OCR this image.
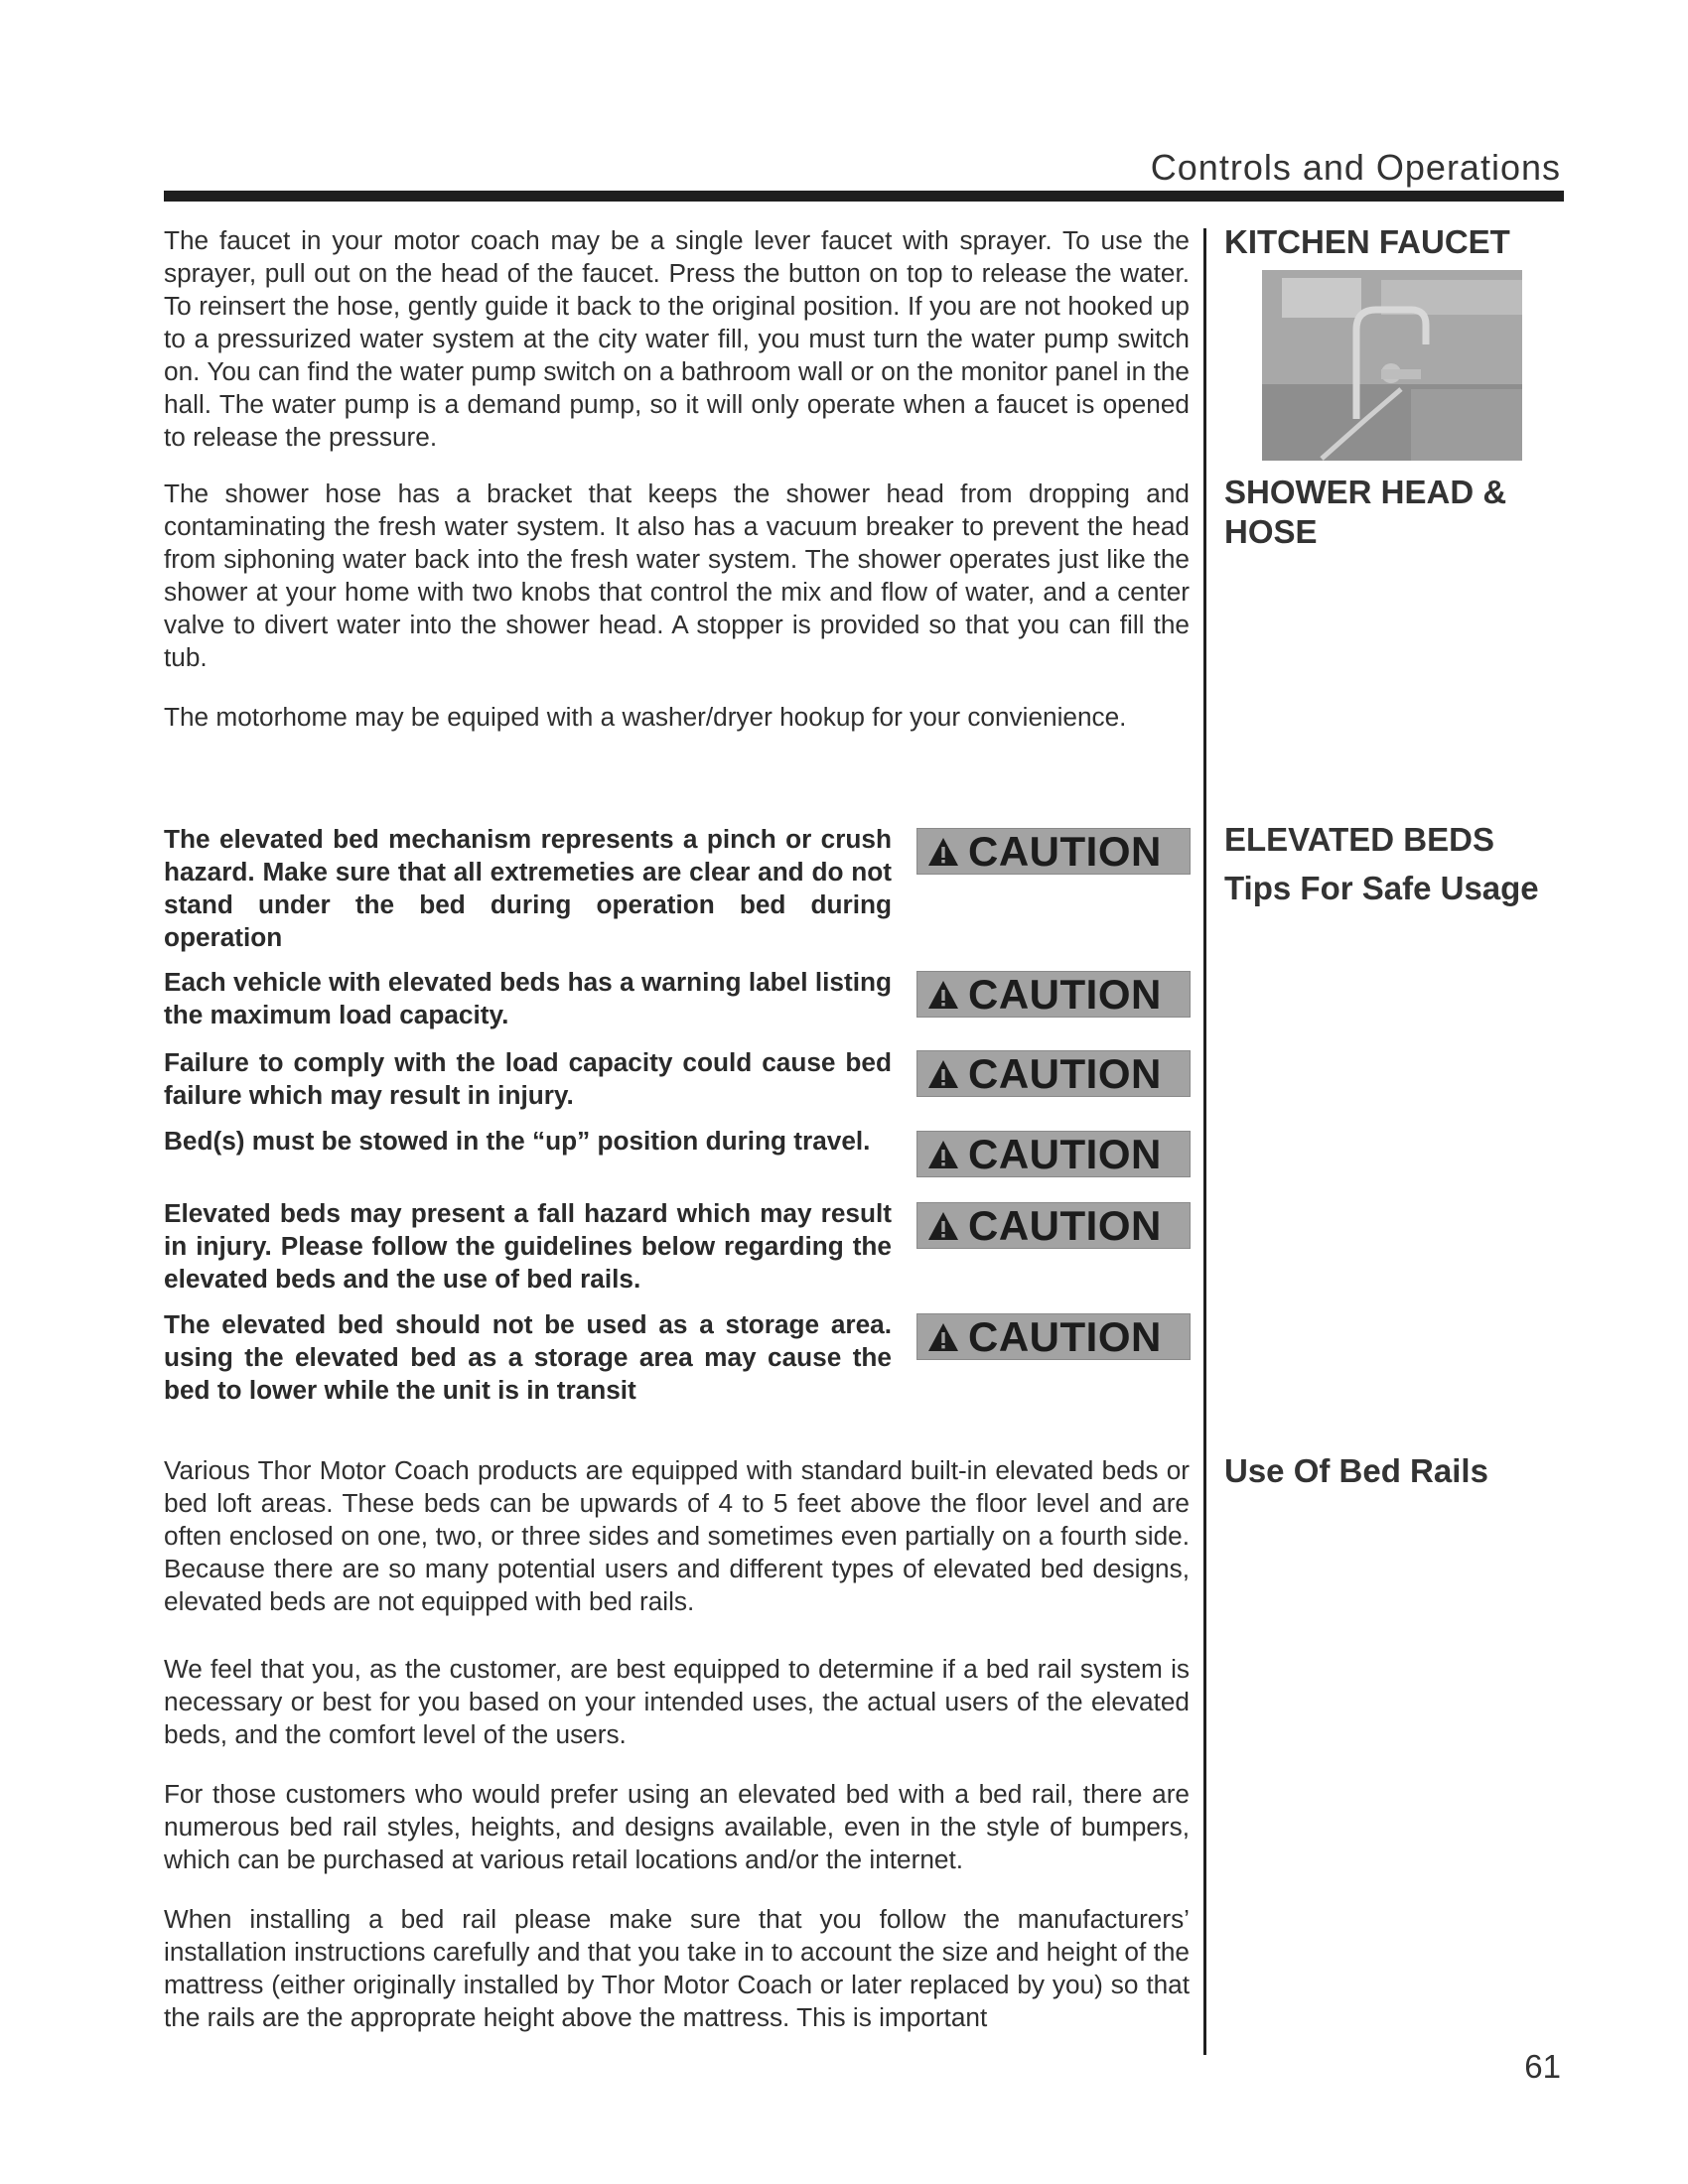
Controls and Operations

The faucet in your motor coach may be a single lever faucet with sprayer. To use the sprayer, pull out on the head of the faucet. Press the button on top to release the water. To reinsert the hose, gently guide it back to the original position. If you are not hooked up to a pressurized water system at the city water fill, you must turn the water pump switch on. You can find the water pump switch on a bathroom wall or on the monitor panel in the hall. The water pump is a demand pump, so it will only operate when a faucet is opened to release the pressure.

KITCHEN FAUCET

The shower hose has a bracket that keeps the shower head from dropping and contaminating the fresh water system. It also has a vacuum breaker to prevent the head from siphoning water back into the fresh water system. The shower operates just like the shower at your home with two knobs that control the mix and flow of water, and a center valve to divert water into the shower head. A stopper is provided so that you can fill the tub.

SHOWER HEAD & HOSE

The motorhome may be equiped with a washer/dryer hookup for your convienience.

ELEVATED BEDS
Tips For Safe Usage

The elevated bed mechanism represents a pinch or crush hazard. Make sure that all extremeties are clear and do not stand under the bed during operation bed during operation

CAUTION

Each vehicle with elevated beds has a warning label listing the maximum load capacity.	CAUTION

Failure to comply with the load capacity could cause bed failure which may result in injury.	CAUTION

Bed(s) must be stowed in the “up” position during travel.	CAUTION

Elevated beds may present a fall hazard which may result in injury. Please follow the guidelines below regarding the elevated beds and the use of bed rails.

CAUTION

The elevated bed should not be used as a storage area. using the elevated bed as a storage area may cause the bed to lower while the unit is in transit

CAUTION
Use Of Bed Rails

Various Thor Motor Coach products are equipped with standard built-in elevated beds or bed loft areas. These beds can be upwards of 4 to 5 feet above the floor level and are often enclosed on one, two, or three sides and sometimes even partially on a fourth side. Because there are so many potential users and different types of elevated bed designs, elevated beds are not equipped with bed rails.

We feel that you, as the customer, are best equipped to determine if a bed rail system is necessary or best for you based on your intended uses, the actual users of the elevated beds, and the comfort level of the users.

For those customers who would prefer using an elevated bed with a bed rail, there are numerous bed rail styles, heights, and designs available, even in the style of bumpers, which can be purchased at various retail locations and/or the internet.

When installing a bed rail please make sure that you follow the manufacturers’ installation instructions carefully and that you take in to account the size and height of the mattress (either originally installed by Thor Motor Coach or later replaced by you) so that the rails are the approprate height above the mattress. This is important

61
